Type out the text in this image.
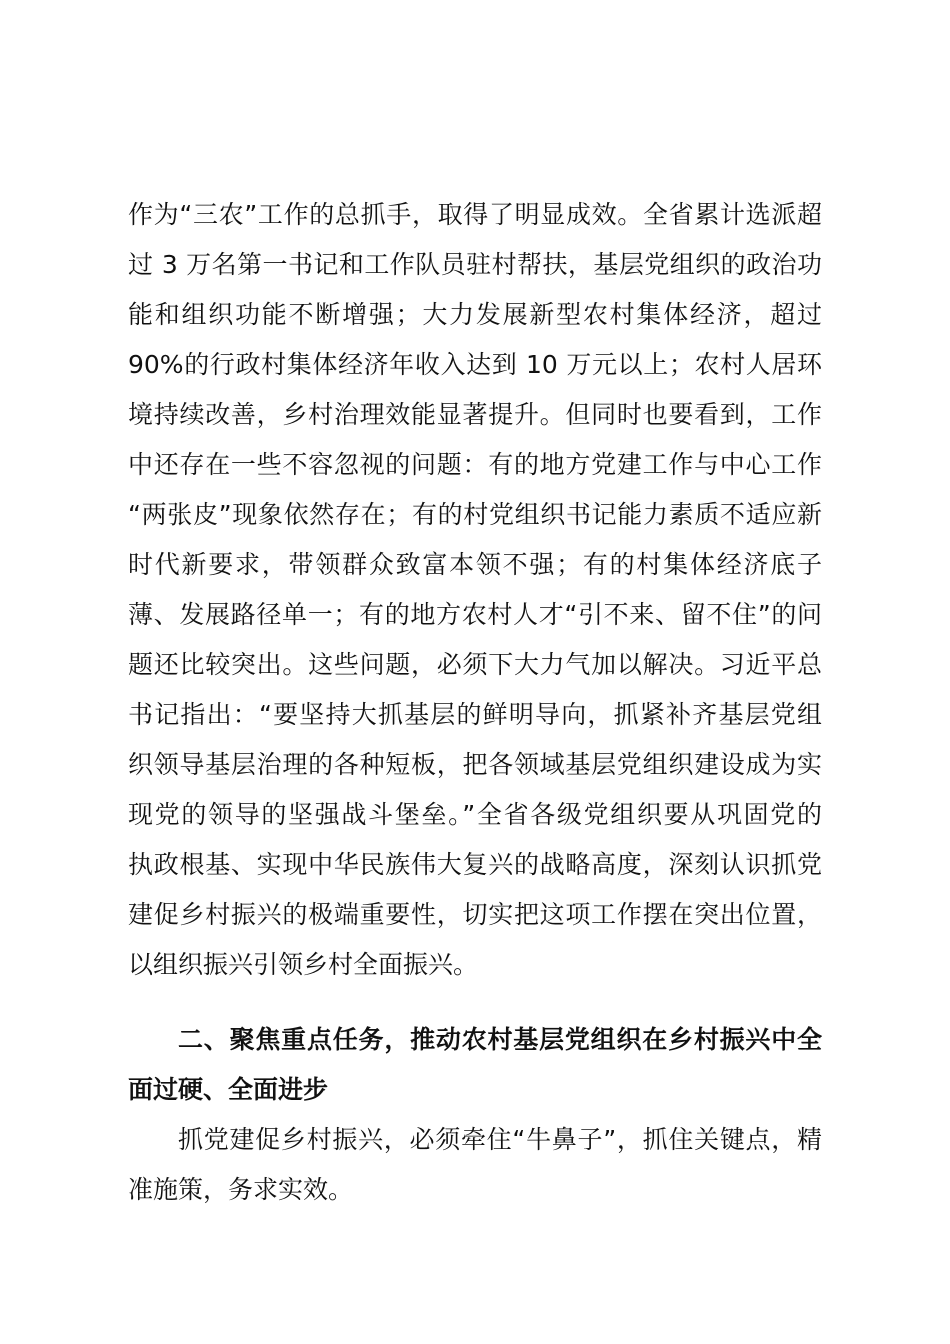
作为“三农”工作的总抓手，取得了明显成效。全省累计选派超
过 3 万名第一书记和工作队员驻村帮扶，基层党组织的政治功
能和组织功能不断增强；大力发展新型农村集体经济，超过
90%的行政村集体经济年收入达到 10 万元以上；农村人居环
境持续改善，乡村治理效能显著提升。但同时也要看到，工作
中还存在一些不容忽视的问题：有的地方党建工作与中心工作
“两张皮”现象依然存在；有的村党组织书记能力素质不适应新
时代新要求，带领群众致富本领不强；有的村集体经济底子
薄、发展路径单一；有的地方农村人才“引不来、留不住”的问
题还比较突出。这些问题，必须下大力气加以解决。习近平总
书记指出：“要坚持大抓基层的鲜明导向，抓紧补齐基层党组
织领导基层治理的各种短板，把各领域基层党组织建设成为实
现党的领导的坚强战斗堡垒。”全省各级党组织要从巩固党的
执政根基、实现中华民族伟大复兴的战略高度，深刻认识抓党
建促乡村振兴的极端重要性，切实把这项工作摆在突出位置，
以组织振兴引领乡村全面振兴。
二、聚焦重点任务，推动农村基层党组织在乡村振兴中全
面过硬、全面进步
抓党建促乡村振兴，必须牵住“牛鼻子”，抓住关键点，精
准施策，务求实效。
